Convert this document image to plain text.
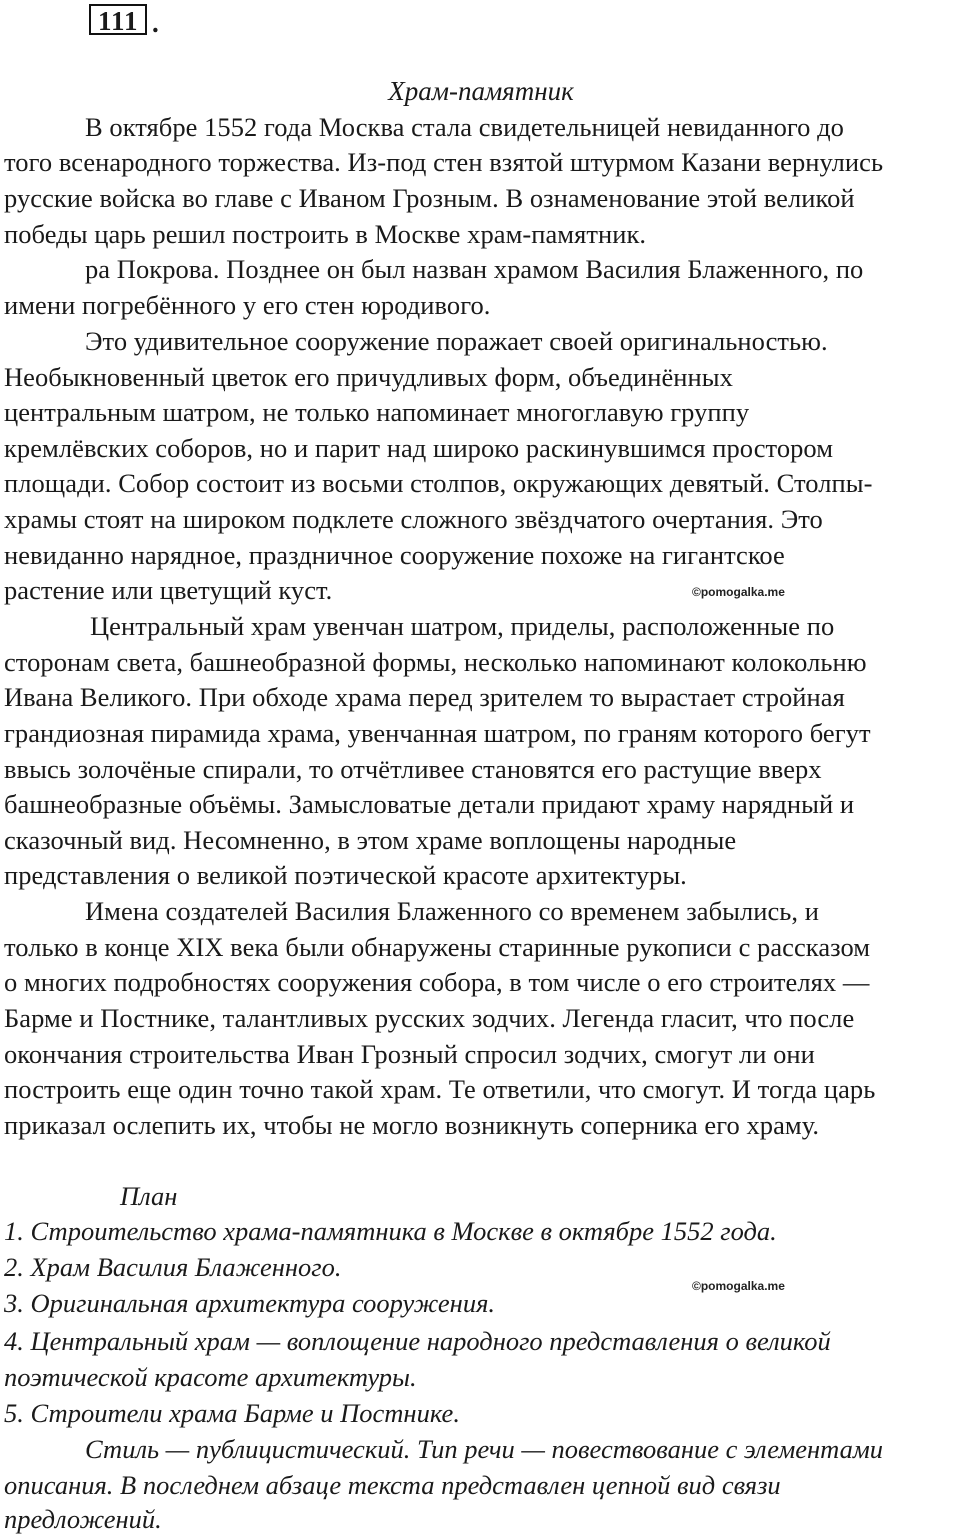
111 .
Храм-памятник
В октябре 1552 года Москва стала свидетельницей невиданного до
того всенародного торжества. Из-под стен взятой штурмом Казани вернулись
русские войска во главе с Иваном Грозным. В ознаменование этой великой
победы царь решил построить в Москве храм-памятник.
ра Покрова. Позднее он был назван храмом Василия Блаженного, по
имени погребённого у его стен юродивого.
Это удивительное сооружение поражает своей оригинальностью.
Необыкновенный цветок его причудливых форм, объединённых
центральным шатром, не только напоминает многоглавую группу
кремлёвских соборов, но и парит над широко раскинувшимся простором
площади. Собор состоит из восьми столпов, окружающих девятый. Столпы-
храмы стоят на широком подклете сложного звёздчатого очертания. Это
невиданно нарядное, праздничное сооружение похоже на гигантское
растение или цветущий куст.
Центральный храм увенчан шатром, приделы, расположенные по
сторонам света, башнеобразной формы, несколько напоминают колокольню
Ивана Великого. При обходе храма перед зрителем то вырастает стройная
грандиозная пирамида храма, увенчанная шатром, по граням которого бегут
ввысь золочёные спирали, то отчётливее становятся его растущие вверх
башнеобразные объёмы. Замысловатые детали придают храму нарядный и
сказочный вид. Несомненно, в этом храме воплощены народные
представления о великой поэтической красоте архитектуры.
Имена создателей Василия Блаженного со временем забылись, и
только в конце XIX века были обнаружены старинные рукописи с рассказом
о многих подробностях сооружения собора, в том числе о его строителях —
Барме и Постнике, талантливых русских зодчих. Легенда гласит, что после
окончания строительства Иван Грозный спросил зодчих, смогут ли они
построить еще один точно такой храм. Те ответили, что смогут. И тогда царь
приказал ослепить их, чтобы не могло возникнуть соперника его храму.
©pomogalka.me
План
1. Строительство храма-памятника в Москве в октябре 1552 года.
2. Храм Василия Блаженного.
3. Оригинальная архитектура сооружения.
4. Центральный храм — воплощение народного представления о великой
поэтической красоте архитектуры.
5. Строители храма Барме и Постнике.
Стиль — публицистический. Тип речи — повествование с элементами
описания. В последнем абзаце текста представлен цепной вид связи
предложений.
©pomogalka.me
